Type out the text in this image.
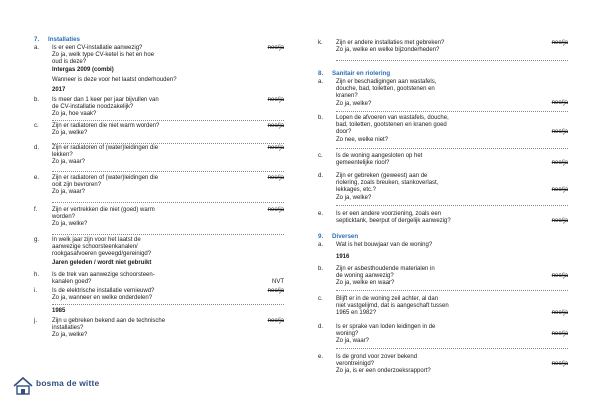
7. Installaties
a. Is er een CV-installatie aanwezig?
Zo ja, welk type CV-ketel is het en hoe
oud is deze?
nee/ja
Intergas 2009 (combi)
Wanneer is deze voor het laatst onderhouden?
2017
b. Is meer dan 1 keer per jaar bijvullen van
de CV-installatie noodzakelijk?
Zo ja, hoe vaak?
nee/ja
c. Zijn er radiatoren die niet warm worden?
Zo ja, welke?
nee/ja
d. Zijn er radiatoren of (water)leidingen die
lekken?
Zo ja, waar?
nee/ja
e. Zijn er radiatoren of (water)leidingen die
ooit zijn bevroren?
Zo ja, waar?
nee/ja
f. Zijn er vertrekken die niet (goed) warm
worden?
Zo ja, welke?
nee/ja
g. In welk jaar zijn voor het laatst de
aanwezige schoorsteenkanalen/
rookgasafvoeren geveegd/gereinigd?
Jaren geleden / wordt niet gebruikt
h. Is de trek van aanwezige schoorsteen-
kanalen goed?	NVT
i.	Is de elektrische installatie vernieuwd?
Zo ja, wanneer en welke onderdelen?
nee/ja
1985
j.	Zijn u gebreken bekend aan de technische
installaties?
Zo ja, welke?
nee/ja
k. Zijn er andere installaties met gebreken?
Zo ja, welke en welke bijzonderheden?
nee/ja
8. Sanitair en riolering
a. Zijn er beschadigingen aan wastafels,
douche, bad, toiletten, gootstenen en
kranen?
Zo ja, welke?	nee/ja
b. Lopen de afvoeren van wastafels, douche,
bad, toiletten, gootstenen en kranen goed
door?
Zo nee, welke niet?
nee/ja
c. Is de woning aangesloten op het
gemeentelijke riool?	nee/ja
d. Zijn er gebreken (geweest) aan de
riolering, zoals breuken, stankoverlast,
lekkages, etc.?
Zo ja, welke?
nee/ja
e. Is er een andere voorziening, zoals een
septicktank, beerput of dergelijk aanwezig?	nee/ja
9. Diversen
a. Wat is het bouwjaar van de woning?
1916
b. Zijn er asbesthoudende materialen in
de woning aanwezig?
Zo ja, welke en waar?
nee/ja
c. Blijft er in de woning zeil achter, al dan
niet vastgelijmd, dat is aangeschaft tussen
1965 en 1982?	nee/ja
d. Is er sprake van loden leidingen in de
woning?
Zo ja, waar?
nee/ja
e. Is de grond voor zover bekend
verontreinigd?
Zo ja, is er een onderzoeksrapport?
nee/ja
bosma de witte
